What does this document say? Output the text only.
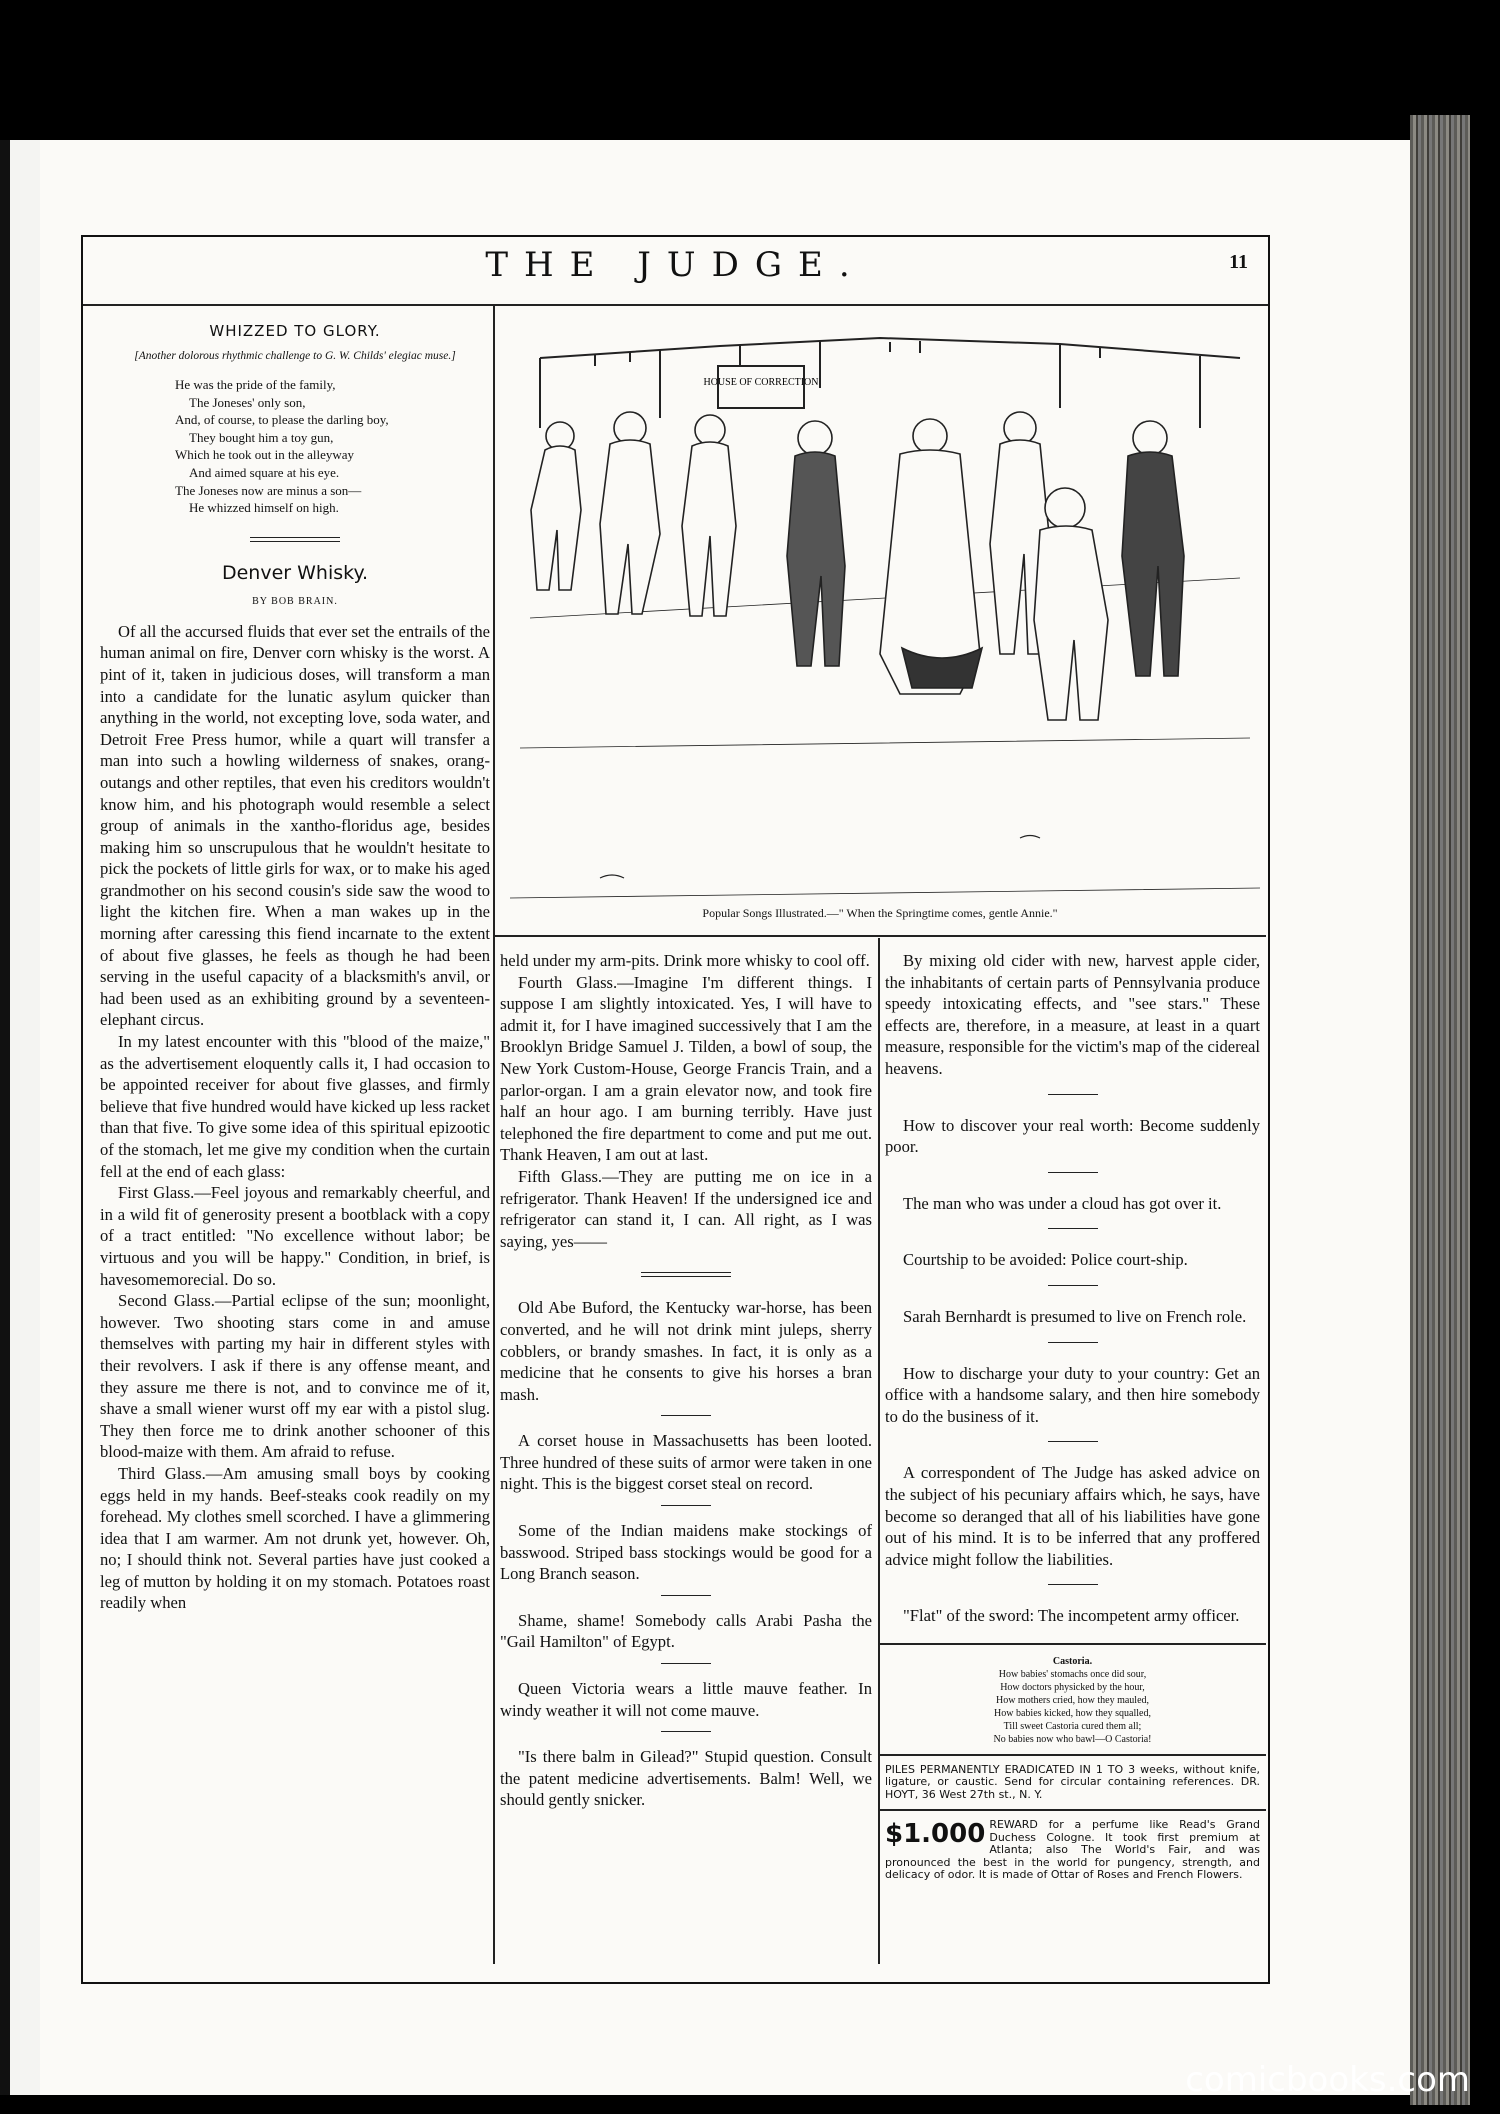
THE JUDGE.	11
WHIZZED TO GLORY.
[Another dolorous rhythmic challenge to G. W. Childs' elegiac muse.]
He was the pride of the family,
The Joneses' only son,
And, of course, to please the darling boy,
They bought him a toy gun,
Which he took out in the alleyway
And aimed square at his eye.
The Joneses now are minus a son—
He whizzed himself on high.
Denver Whisky.
BY BOB BRAIN.

Of all the accursed fluids that ever set the entrails of the human animal on fire, Denver corn whisky is the worst. A pint of it, taken in judicious doses, will transform a man into a candidate for the lunatic asylum quicker than anything in the world, not excepting love, soda water, and Detroit Free Press humor, while a quart will transfer a man into such a howling wilderness of snakes, orang-outangs and other reptiles, that even his creditors wouldn't know him, and his photograph would resemble a select group of animals in the xantho-floridus age, besides making him so unscrupulous that he wouldn't hesitate to pick the pockets of little girls for wax, or to make his aged grandmother on his second cousin's side saw the wood to light the kitchen fire. When a man wakes up in the morning after caressing this fiend incarnate to the extent of about five glasses, he feels as though he had been serving in the useful capacity of a blacksmith's anvil, or had been used as an exhibiting ground by a seventeen-elephant circus.

In my latest encounter with this "blood of the maize," as the advertisement eloquently calls it, I had occasion to be appointed receiver for about five glasses, and firmly believe that five hundred would have kicked up less racket than that five. To give some idea of this spiritual epizootic of the stomach, let me give my condition when the curtain fell at the end of each glass:

First Glass.—Feel joyous and remarkably cheerful, and in a wild fit of generosity present a bootblack with a copy of a tract entitled: "No excellence without labor; be virtuous and you will be happy." Condition, in brief, is havesomemorecial. Do so.

Second Glass.—Partial eclipse of the sun; moonlight, however. Two shooting stars come in and amuse themselves with parting my hair in different styles with their revolvers. I ask if there is any offense meant, and they assure me there is not, and to convince me of it, shave a small wiener wurst off my ear with a pistol slug. They then force me to drink another schooner of this blood-maize with them. Am afraid to refuse.

Third Glass.—Am amusing small boys by cooking eggs held in my hands. Beef-steaks cook readily on my forehead. My clothes smell scorched. I have a glimmering idea that I am warmer. Am not drunk yet, however. Oh, no; I should think not. Several parties have just cooked a leg of mutton by holding it on my stomach. Potatoes roast readily when

HOUSE OF CORRECTION
Popular Songs Illustrated.—" When the Springtime comes, gentle Annie."

held under my arm-pits. Drink more whisky to cool off.

Fourth Glass.—Imagine I'm different things. I suppose I am slightly intoxicated. Yes, I will have to admit it, for I have imagined successively that I am the Brooklyn Bridge Samuel J. Tilden, a bowl of soup, the New York Custom-House, George Francis Train, and a parlor-organ. I am a grain elevator now, and took fire half an hour ago. I am burning terribly. Have just telephoned the fire department to come and put me out. Thank Heaven, I am out at last.

Fifth Glass.—They are putting me on ice in a refrigerator. Thank Heaven! If the undersigned ice and refrigerator can stand it, I can. All right, as I was saying, yes——

Old Abe Buford, the Kentucky war-horse, has been converted, and he will not drink mint juleps, sherry cobblers, or brandy smashes. In fact, it is only as a medicine that he consents to give his horses a bran mash.

A corset house in Massachusetts has been looted. Three hundred of these suits of armor were taken in one night. This is the biggest corset steal on record.

Some of the Indian maidens make stockings of basswood. Striped bass stockings would be good for a Long Branch season.

Shame, shame! Somebody calls Arabi Pasha the "Gail Hamilton" of Egypt.

Queen Victoria wears a little mauve feather. In windy weather it will not come mauve.

"Is there balm in Gilead?" Stupid question. Consult the patent medicine advertisements. Balm! Well, we should gently snicker.

By mixing old cider with new, harvest apple cider, the inhabitants of certain parts of Pennsylvania produce speedy intoxicating effects, and "see stars." These effects are, therefore, in a measure, at least in a quart measure, responsible for the victim's map of the cidereal heavens.

How to discover your real worth: Become suddenly poor.

The man who was under a cloud has got over it.

Courtship to be avoided: Police court-ship.

Sarah Bernhardt is presumed to live on French role.

How to discharge your duty to your country: Get an office with a handsome salary, and then hire somebody to do the business of it.

A correspondent of The Judge has asked advice on the subject of his pecuniary affairs which, he says, have become so deranged that all of his liabilities have gone out of his mind. It is to be inferred that any proffered advice might follow the liabilities.

"Flat" of the sword: The incompetent army officer.

Castoria.
How babies' stomachs once did sour,
How doctors physicked by the hour,
How mothers cried, how they mauled,
How babies kicked, how they squalled,
Till sweet Castoria cured them all;
No babies now who bawl—O Castoria!
PILES PERMANENTLY ERADICATED IN 1 TO 3 weeks, without knife, ligature, or caustic. Send for circular containing references. DR. HOYT, 36 West 27th st., N. Y.
$1.000 REWARD for a perfume like Read's Grand Duchess Cologne. It took first premium at Atlanta; also The World's Fair, and was pronounced the best in the world for pungency, strength, and delicacy of odor. It is made of Ottar of Roses and French Flowers.
comicbooks.com
